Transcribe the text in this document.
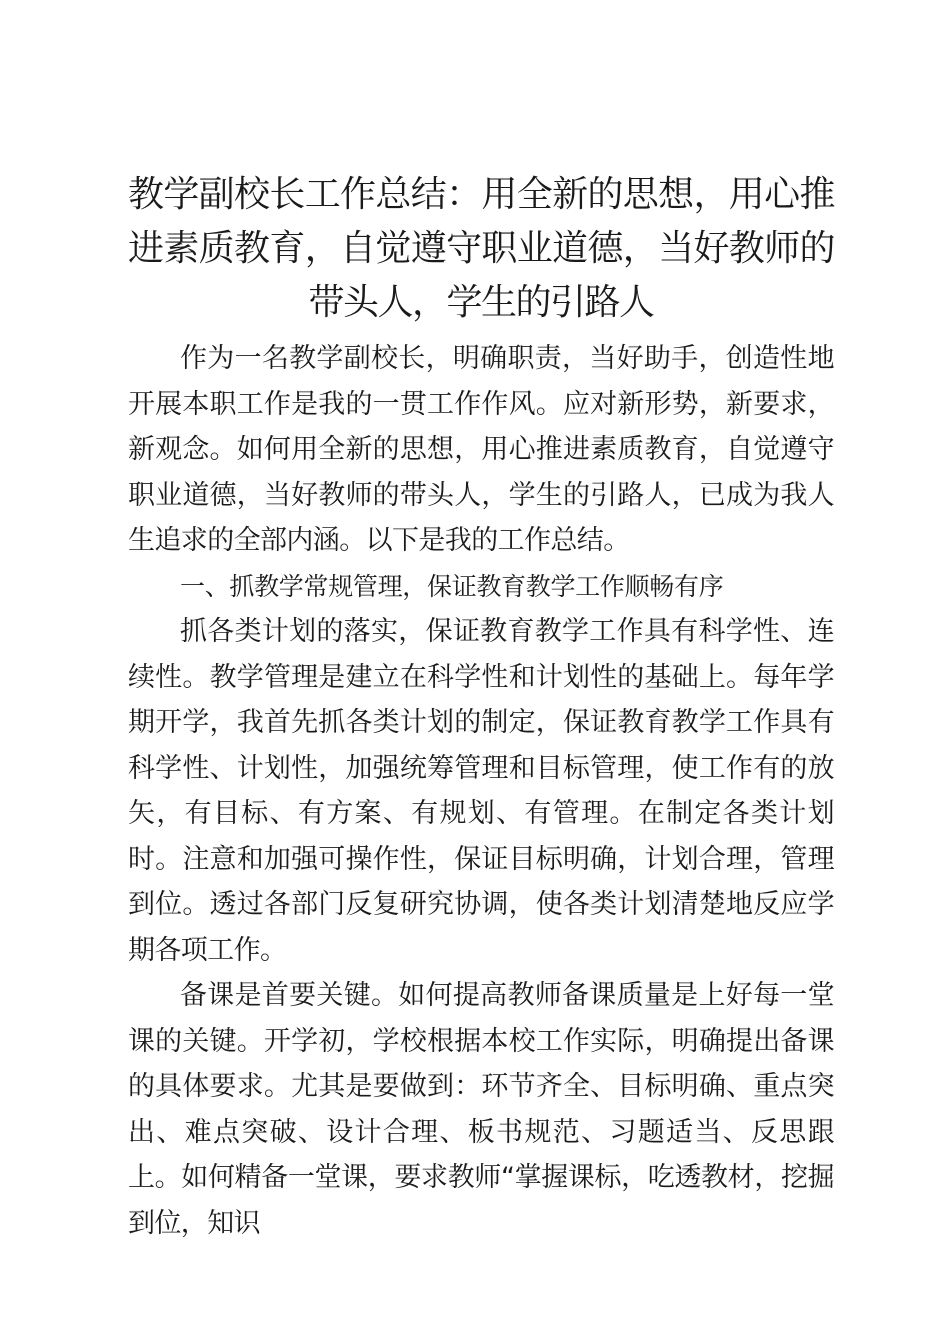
教学副校长工作总结：用全新的思想，用心推进素质教育，自觉遵守职业道德，当好教师的带头人，学生的引路人

作为一名教学副校长，明确职责，当好助手，创造性地开展本职工作是我的一贯工作作风。应对新形势，新要求，新观念。如何用全新的思想，用心推进素质教育，自觉遵守职业道德，当好教师的带头人，学生的引路人，已成为我人生追求的全部内涵。以下是我的工作总结。

一、抓教学常规管理，保证教育教学工作顺畅有序

抓各类计划的落实，保证教育教学工作具有科学性、连续性。教学管理是建立在科学性和计划性的基础上。每年学期开学，我首先抓各类计划的制定，保证教育教学工作具有科学性、计划性，加强统筹管理和目标管理，使工作有的放矢，有目标、有方案、有规划、有管理。在制定各类计划时。注意和加强可操作性，保证目标明确，计划合理，管理到位。透过各部门反复研究协调，使各类计划清楚地反应学期各项工作。

备课是首要关键。如何提高教师备课质量是上好每一堂课的关键。开学初，学校根据本校工作实际，明确提出备课的具体要求。尤其是要做到：环节齐全、目标明确、重点突出、难点突破、设计合理、板书规范、习题适当、反思跟上。如何精备一堂课，要求教师“掌握课标，吃透教材，挖掘到位，知识
